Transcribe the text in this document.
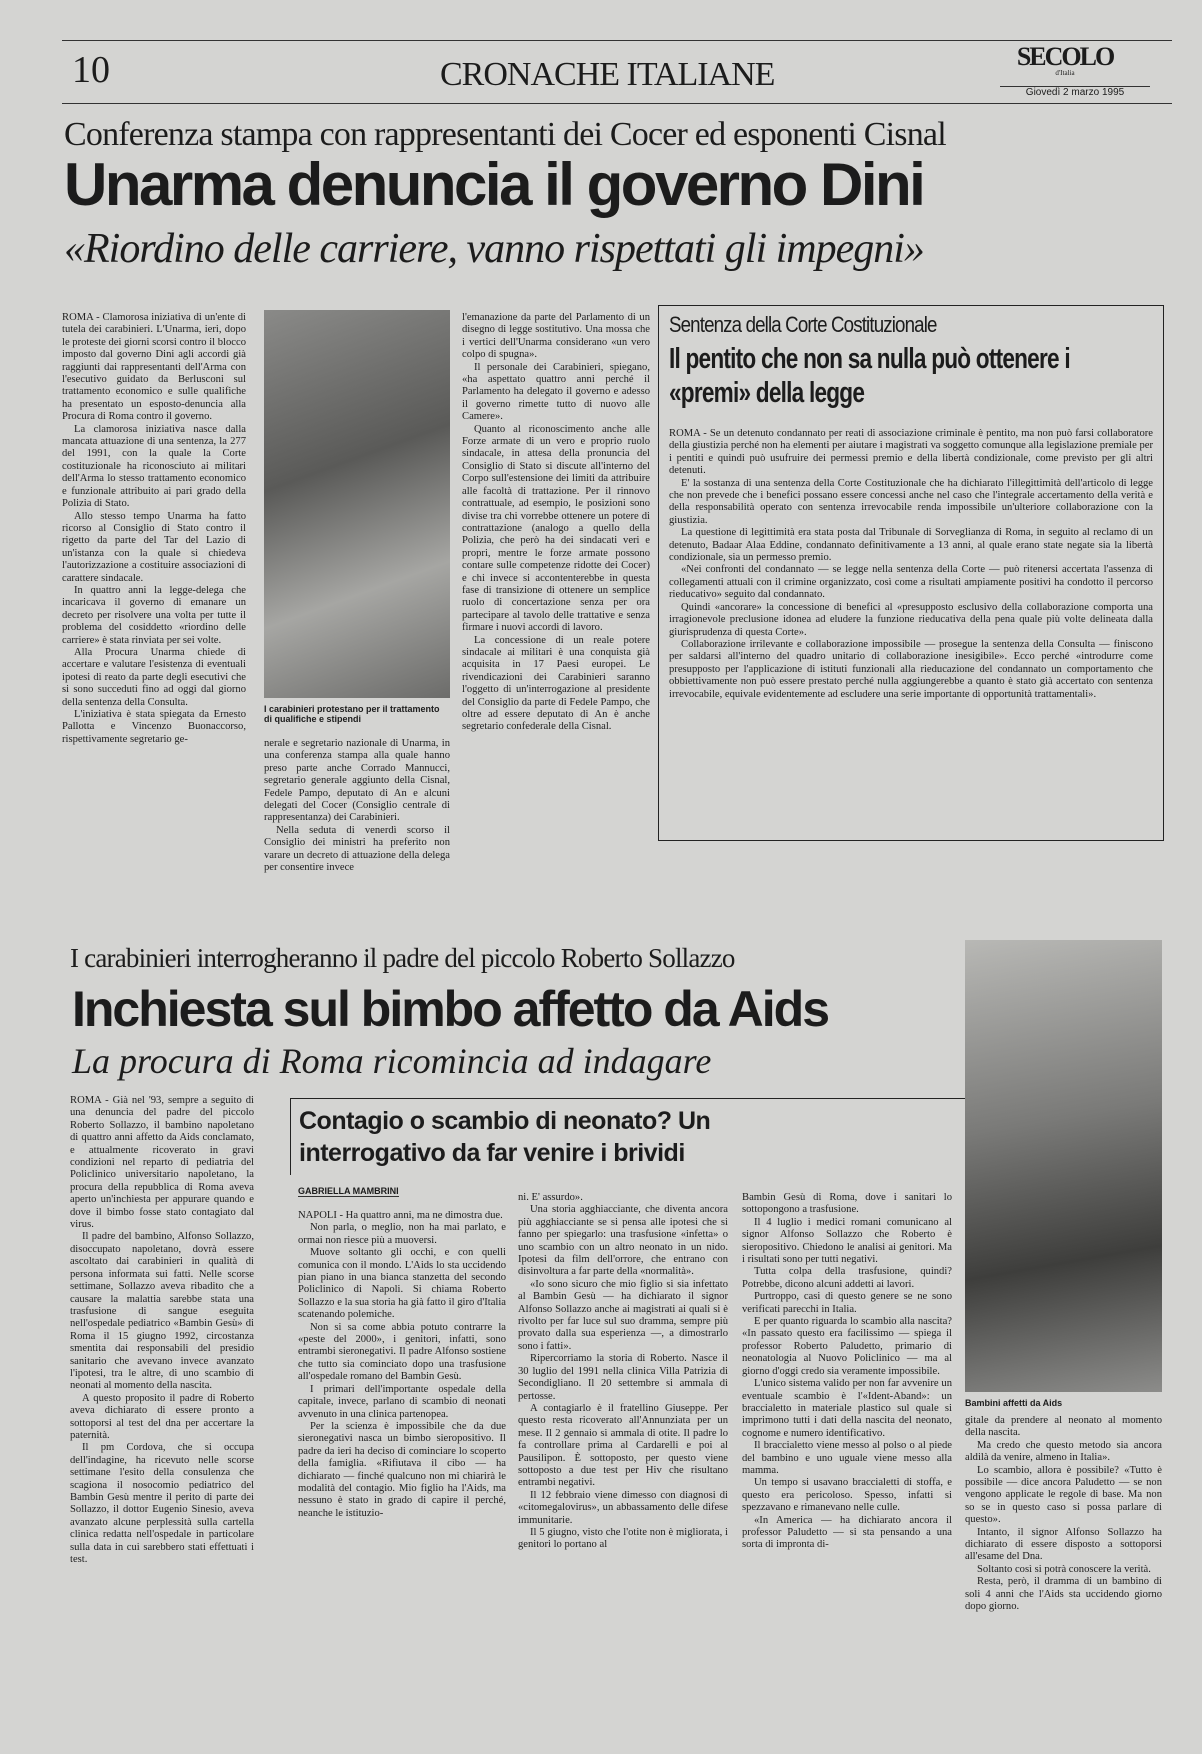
10	CRONACHE ITALIANE	SECOLO
d'Italia
Giovedì 2 marzo 1995
Conferenza stampa con rappresentanti dei Cocer ed esponenti Cisnal
Unarma denuncia il governo Dini
«Riordino delle carriere, vanno rispettati gli impegni»

ROMA - Clamorosa iniziativa di un'ente di tutela dei carabinieri. L'Unarma, ieri, dopo le proteste dei giorni scorsi contro il blocco imposto dal governo Dini agli accordi già raggiunti dai rappresentanti dell'Arma con l'esecutivo guidato da Berlusconi sul trattamento economico e sulle qualifiche ha presentato un esposto-denuncia alla Procura di Roma contro il governo.

La clamorosa iniziativa nasce dalla mancata attuazione di una sentenza, la 277 del 1991, con la quale la Corte costituzionale ha riconosciuto ai militari dell'Arma lo stesso trattamento economico e funzionale attribuito ai pari grado della Polizia di Stato.

Allo stesso tempo Unarma ha fatto ricorso al Consiglio di Stato contro il rigetto da parte del Tar del Lazio di un'istanza con la quale si chiedeva l'autorizzazione a costituire associazioni di carattere sindacale.

In quattro anni la legge-delega che incaricava il governo di emanare un decreto per risolvere una volta per tutte il problema del cosiddetto «riordino delle carriere» è stata rinviata per sei volte.

Alla Procura Unarma chiede di accertare e valutare l'esistenza di eventuali ipotesi di reato da parte degli esecutivi che si sono succeduti fino ad oggi dal giorno della sentenza della Consulta.

L'iniziativa è stata spiegata da Ernesto Pallotta e Vincenzo Buonaccorso, rispettivamente segretario ge-

I carabinieri protestano per il trattamento di qualifiche e stipendi

nerale e segretario nazionale di Unarma, in una conferenza stampa alla quale hanno preso parte anche Corrado Mannucci, segretario generale aggiunto della Cisnal, Fedele Pampo, deputato di An e alcuni delegati del Cocer (Consiglio centrale di rappresentanza) dei Carabinieri.

Nella seduta di venerdì scorso il Consiglio dei ministri ha preferito non varare un decreto di attuazione della delega per consentire invece

l'emanazione da parte del Parlamento di un disegno di legge sostitutivo. Una mossa che i vertici dell'Unarma considerano «un vero colpo di spugna».

Il personale dei Carabinieri, spiegano, «ha aspettato quattro anni perché il Parlamento ha delegato il governo e adesso il governo rimette tutto di nuovo alle Camere».

Quanto al riconoscimento anche alle Forze armate di un vero e proprio ruolo sindacale, in attesa della pronuncia del Consiglio di Stato si discute all'interno del Corpo sull'estensione dei limiti da attribuire alle facoltà di trattazione. Per il rinnovo contrattuale, ad esempio, le posizioni sono divise tra chi vorrebbe ottenere un potere di contrattazione (analogo a quello della Polizia, che però ha dei sindacati veri e propri, mentre le forze armate possono contare sulle competenze ridotte dei Cocer) e chi invece si accontenterebbe in questa fase di transizione di ottenere un semplice ruolo di concertazione senza per ora partecipare al tavolo delle trattative e senza firmare i nuovi accordi di lavoro.

La concessione di un reale potere sindacale ai militari è una conquista già acquisita in 17 Paesi europei. Le rivendicazioni dei Carabinieri saranno l'oggetto di un'interrogazione al presidente del Consiglio da parte di Fedele Pampo, che oltre ad essere deputato di An è anche segretario confederale della Cisnal.

Sentenza della Corte Costituzionale
Il pentito che non sa nulla può ottenere i «premi» della legge

ROMA - Se un detenuto condannato per reati di associazione criminale è pentito, ma non può farsi collaboratore della giustizia perché non ha elementi per aiutare i magistrati va soggetto comunque alla legislazione premiale per i pentiti e quindi può usufruire dei permessi premio e della libertà condizionale, come previsto per gli altri detenuti.

E' la sostanza di una sentenza della Corte Costituzionale che ha dichiarato l'illegittimità dell'articolo di legge che non prevede che i benefici possano essere concessi anche nel caso che l'integrale accertamento della verità e della responsabilità operato con sentenza irrevocabile renda impossibile un'ulteriore collaborazione con la giustizia.

La questione di legittimità era stata posta dal Tribunale di Sorveglianza di Roma, in seguito al reclamo di un detenuto, Badaar Alaa Eddine, condannato definitivamente a 13 anni, al quale erano state negate sia la libertà condizionale, sia un permesso premio.

«Nei confronti del condannato — se legge nella sentenza della Corte — può ritenersi accertata l'assenza di collegamenti attuali con il crimine organizzato, così come a risultati ampiamente positivi ha condotto il percorso rieducativo» seguito dal condannato.

Quindi «ancorare» la concessione di benefici al «presupposto esclusivo della collaborazione comporta una irragionevole preclusione idonea ad eludere la funzione rieducativa della pena quale più volte delineata dalla giurisprudenza di questa Corte».

Collaborazione irrilevante e collaborazione impossibile — prosegue la sentenza della Consulta — finiscono per saldarsi all'interno del quadro unitario di collaborazione inesigibile». Ecco perché «introdurre come presupposto per l'applicazione di istituti funzionali alla rieducazione del condannato un comportamento che obbiettivamente non può essere prestato perché nulla aggiungerebbe a quanto è stato già accertato con sentenza irrevocabile, equivale evidentemente ad escludere una serie importante di opportunità trattamentali».

I carabinieri interrogheranno il padre del piccolo Roberto Sollazzo
Inchiesta sul bimbo affetto da Aids
La procura di Roma ricomincia ad indagare

ROMA - Già nel '93, sempre a seguito di una denuncia del padre del piccolo Roberto Sollazzo, il bambino napoletano di quattro anni affetto da Aids conclamato, e attualmente ricoverato in gravi condizioni nel reparto di pediatria del Policlinico universitario napoletano, la procura della repubblica di Roma aveva aperto un'inchiesta per appurare quando e dove il bimbo fosse stato contagiato dal virus.

Il padre del bambino, Alfonso Sollazzo, disoccupato napoletano, dovrà essere ascoltato dai carabinieri in qualità di persona informata sui fatti. Nelle scorse settimane, Sollazzo aveva ribadito che a causare la malattia sarebbe stata una trasfusione di sangue eseguita nell'ospedale pediatrico «Bambin Gesù» di Roma il 15 giugno 1992, circostanza smentita dai responsabili del presidio sanitario che avevano invece avanzato l'ipotesi, tra le altre, di uno scambio di neonati al momento della nascita.

A questo proposito il padre di Roberto aveva dichiarato di essere pronto a sottoporsi al test del dna per accertare la paternità.

Il pm Cordova, che si occupa dell'indagine, ha ricevuto nelle scorse settimane l'esito della consulenza che scagiona il nosocomio pediatrico del Bambin Gesù mentre il perito di parte dei Sollazzo, il dottor Eugenio Sinesio, aveva avanzato alcune perplessità sulla cartella clinica redatta nell'ospedale in particolare sulla data in cui sarebbero stati effettuati i test.

Contagio o scambio di neonato? Un interrogativo da far venire i brividi
GABRIELLA MAMBRINI

NAPOLI - Ha quattro anni, ma ne dimostra due.

Non parla, o meglio, non ha mai parlato, e ormai non riesce più a muoversi.

Muove soltanto gli occhi, e con quelli comunica con il mondo. L'Aids lo sta uccidendo pian piano in una bianca stanzetta del secondo Policlinico di Napoli. Si chiama Roberto Sollazzo e la sua storia ha già fatto il giro d'Italia scatenando polemiche.

Non si sa come abbia potuto contrarre la «peste del 2000», i genitori, infatti, sono entrambi sieronegativi. Il padre Alfonso sostiene che tutto sia cominciato dopo una trasfusione all'ospedale romano del Bambin Gesù.

I primari dell'importante ospedale della capitale, invece, parlano di scambio di neonati avvenuto in una clinica partenopea.

Per la scienza è impossibile che da due sieronegativi nasca un bimbo sieropositivo. Il padre da ieri ha deciso di cominciare lo scoperto della famiglia. «Rifiutava il cibo — ha dichiarato — finché qualcuno non mi chiarirà le modalità del contagio. Mio figlio ha l'Aids, ma nessuno è stato in grado di capire il perché, neanche le istituzio-

ni. E' assurdo».

Una storia agghiacciante, che diventa ancora più agghiacciante se si pensa alle ipotesi che si fanno per spiegarlo: una trasfusione «infetta» o uno scambio con un altro neonato in un nido. Ipotesi da film dell'orrore, che entrano con disinvoltura a far parte della «normalità».

«Io sono sicuro che mio figlio si sia infettato al Bambin Gesù — ha dichiarato il signor Alfonso Sollazzo anche ai magistrati ai quali si è rivolto per far luce sul suo dramma, sempre più provato dalla sua esperienza —, a dimostrarlo sono i fatti».

Ripercorriamo la storia di Roberto. Nasce il 30 luglio del 1991 nella clinica Villa Patrizia di Secondigliano. Il 20 settembre si ammala di pertosse.

A contagiarlo è il fratellino Giuseppe. Per questo resta ricoverato all'Annunziata per un mese. Il 2 gennaio si ammala di otite. Il padre lo fa controllare prima al Cardarelli e poi al Pausilipon. È sottoposto, per questo viene sottoposto a due test per Hiv che risultano entrambi negativi.

Il 12 febbraio viene dimesso con diagnosi di «citomegalovirus», un abbassamento delle difese immunitarie.

Il 5 giugno, visto che l'otite non è migliorata, i genitori lo portano al

Bambin Gesù di Roma, dove i sanitari lo sottopongono a trasfusione.

Il 4 luglio i medici romani comunicano al signor Alfonso Sollazzo che Roberto è sieropositivo. Chiedono le analisi ai genitori. Ma i risultati sono per tutti negativi.

Tutta colpa della trasfusione, quindi? Potrebbe, dicono alcuni addetti ai lavori.

Purtroppo, casi di questo genere se ne sono verificati parecchi in Italia.

E per quanto riguarda lo scambio alla nascita? «In passato questo era facilissimo — spiega il professor Roberto Paludetto, primario di neonatologia al Nuovo Policlinico — ma al giorno d'oggi credo sia veramente impossibile.

L'unico sistema valido per non far avvenire un eventuale scambio è l'«Ident-Aband»: un braccialetto in materiale plastico sul quale si imprimono tutti i dati della nascita del neonato, cognome e numero identificativo.

Il braccialetto viene messo al polso o al piede del bambino e uno uguale viene messo alla mamma.

Un tempo si usavano braccialetti di stoffa, e questo era pericoloso. Spesso, infatti si spezzavano e rimanevano nelle culle.

«In America — ha dichiarato ancora il professor Paludetto — si sta pensando a una sorta di impronta di-

Bambini affetti da Aids

gitale da prendere al neonato al momento della nascita.

Ma credo che questo metodo sia ancora aldilà da venire, almeno in Italia».

Lo scambio, allora è possibile? «Tutto è possibile — dice ancora Paludetto — se non vengono applicate le regole di base. Ma non so se in questo caso si possa parlare di questo».

Intanto, il signor Alfonso Sollazzo ha dichiarato di essere disposto a sottoporsi all'esame del Dna.

Soltanto così si potrà conoscere la verità.

Resta, però, il dramma di un bambino di soli 4 anni che l'Aids sta uccidendo giorno dopo giorno.
